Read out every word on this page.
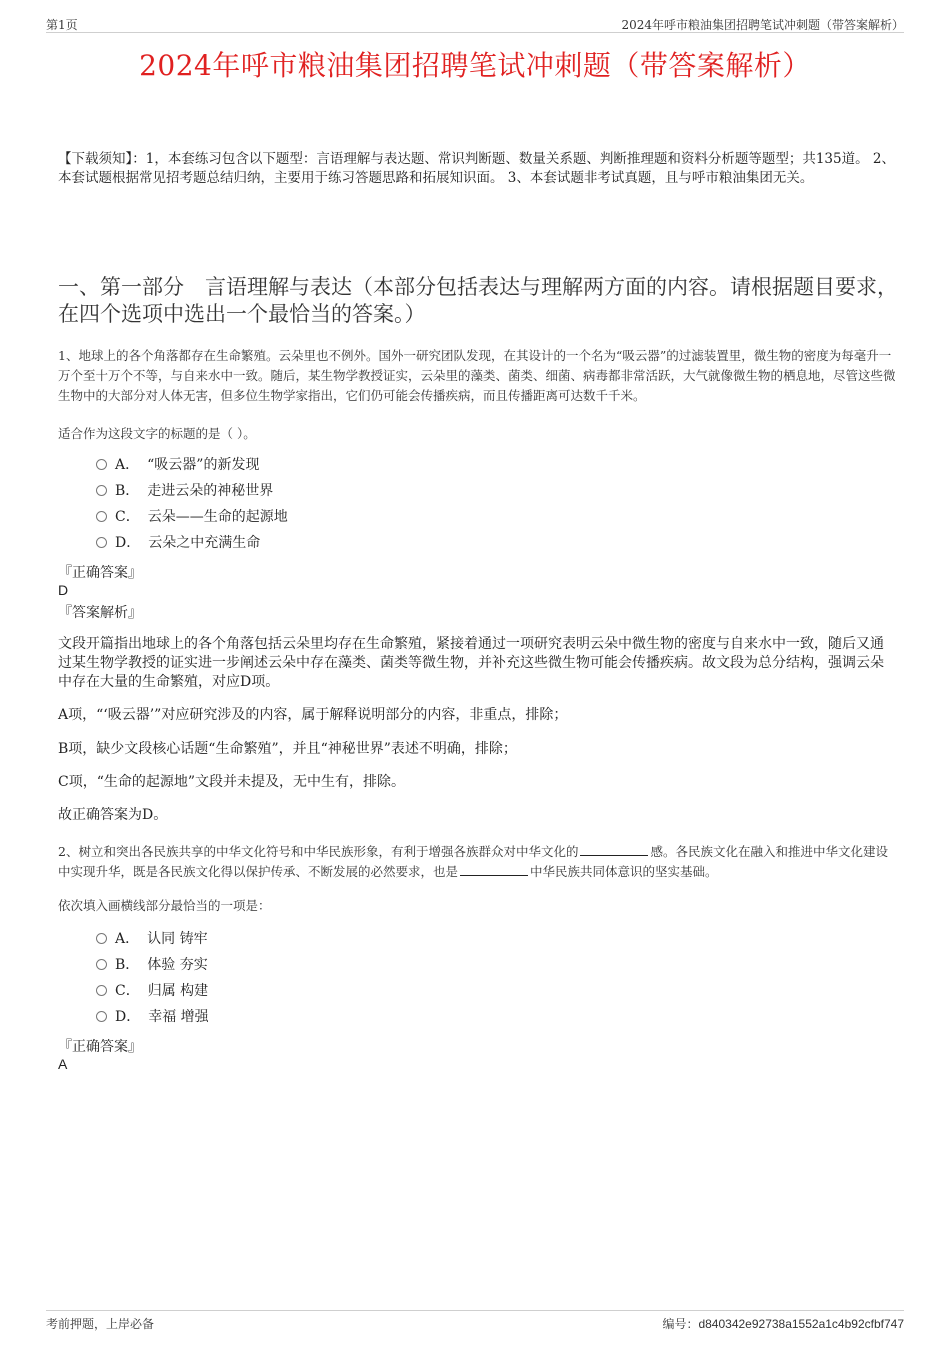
第1页	2024年呼市粮油集团招聘笔试冲刺题（带答案解析）
2024年呼市粮油集团招聘笔试冲刺题（带答案解析）
【下载须知】：1，本套练习包含以下题型：言语理解与表达题、常识判断题、数量关系题、判断推理题和资料分析题等题型；共135道。 2、本套试题根据常见招考题总结归纳，主要用于练习答题思路和拓展知识面。 3、本套试题非考试真题，且与呼市粮油集团无关。
一、第一部分　言语理解与表达（本部分包括表达与理解两方面的内容。请根据题目要求，在四个选项中选出一个最恰当的答案。）
1、地球上的各个角落都存在生命繁殖。云朵里也不例外。国外一研究团队发现，在其设计的一个名为“吸云器”的过滤装置里，微生物的密度为每毫升一万个至十万个不等，与自来水中一致。随后，某生物学教授证实，云朵里的藻类、菌类、细菌、病毒都非常活跃，大气就像微生物的栖息地，尽管这些微生物中的大部分对人体无害，但多位生物学家指出，它们仍可能会传播疾病，而且传播距离可达数千千米。
适合作为这段文字的标题的是（ ）。
A． “吸云器”的新发现
B． 走进云朵的神秘世界
C． 云朵——生命的起源地
D． 云朵之中充满生命
『正确答案』
D
『答案解析』
文段开篇指出地球上的各个角落包括云朵里均存在生命繁殖，紧接着通过一项研究表明云朵中微生物的密度与自来水中一致，随后又通过某生物学教授的证实进一步阐述云朵中存在藻类、菌类等微生物，并补充这些微生物可能会传播疾病。故文段为总分结构，强调云朵中存在大量的生命繁殖，对应D项。
A项，“‘吸云器’”对应研究涉及的内容，属于解释说明部分的内容，非重点，排除；
B项，缺少文段核心话题“生命繁殖”，并且“神秘世界”表述不明确，排除；
C项，“生命的起源地”文段并未提及，无中生有，排除。
故正确答案为D。
2、树立和突出各民族共享的中华文化符号和中华民族形象，有利于增强各族群众对中华文化的	感。各民族文化在融入和推进中华文化建设中实现升华，既是各民族文化得以保护传承、不断发展的必然要求，也是	中华民族共同体意识的坚实基础。
依次填入画横线部分最恰当的一项是：
A． 认同 铸牢
B． 体验 夯实
C． 归属 构建
D． 幸福 增强
『正确答案』
A
考前押题，上岸必备	编号：d840342e92738a1552a1c4b92cfbf747
